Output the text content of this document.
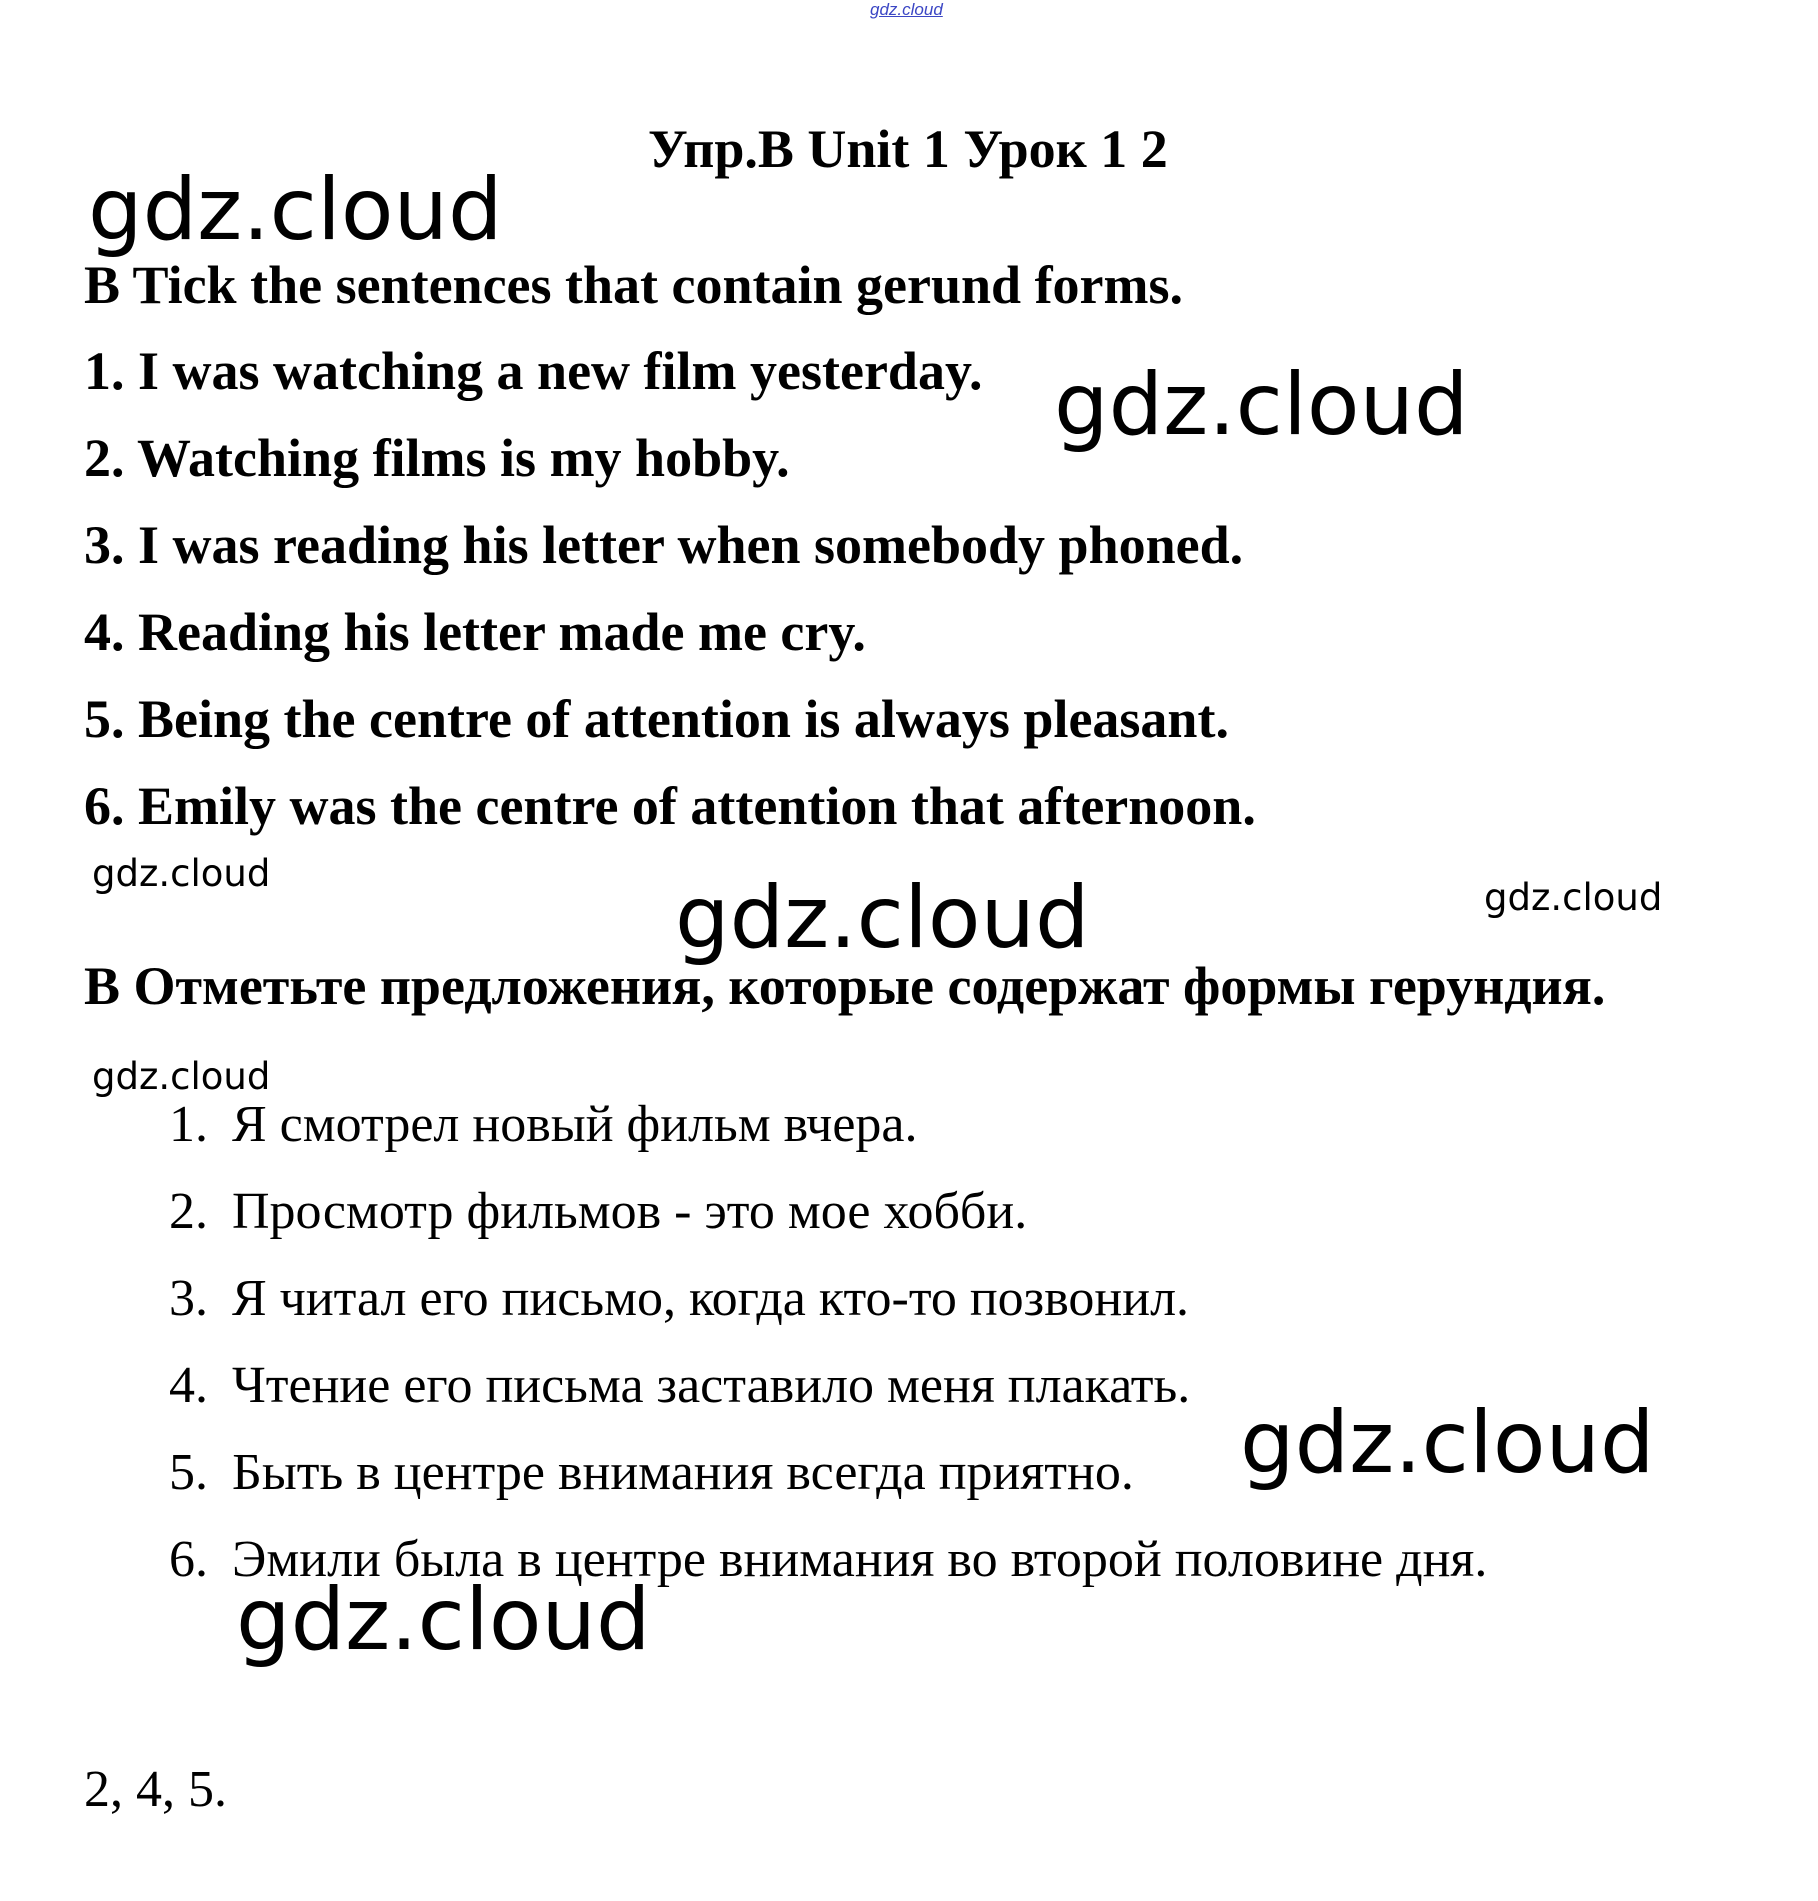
gdz.cloud
Упр.B Unit 1 Урок 1 2
B Tick the sentences that contain gerund forms.
1. I was watching a new film yesterday.
2. Watching films is my hobby.
3. I was reading his letter when somebody phoned.
4. Reading his letter made me cry.
5. Being the centre of attention is always pleasant.
6. Emily was the centre of attention that afternoon.
B Отметьте предложения, которые содержат формы герундия.
1. Я смотрел новый фильм вчера.
2. Просмотр фильмов - это мое хобби.
3. Я читал его письмо, когда кто-то позвонил.
4. Чтение его письма заставило меня плакать.
5. Быть в центре внимания всегда приятно.
6. Эмили была в центре внимания во второй половине дня.
2, 4, 5.
gdz.cloud
gdz.cloud
gdz.cloud	gdz.cloud	gdz.cloud
gdz.cloud
gdz.cloud
gdz.cloud
